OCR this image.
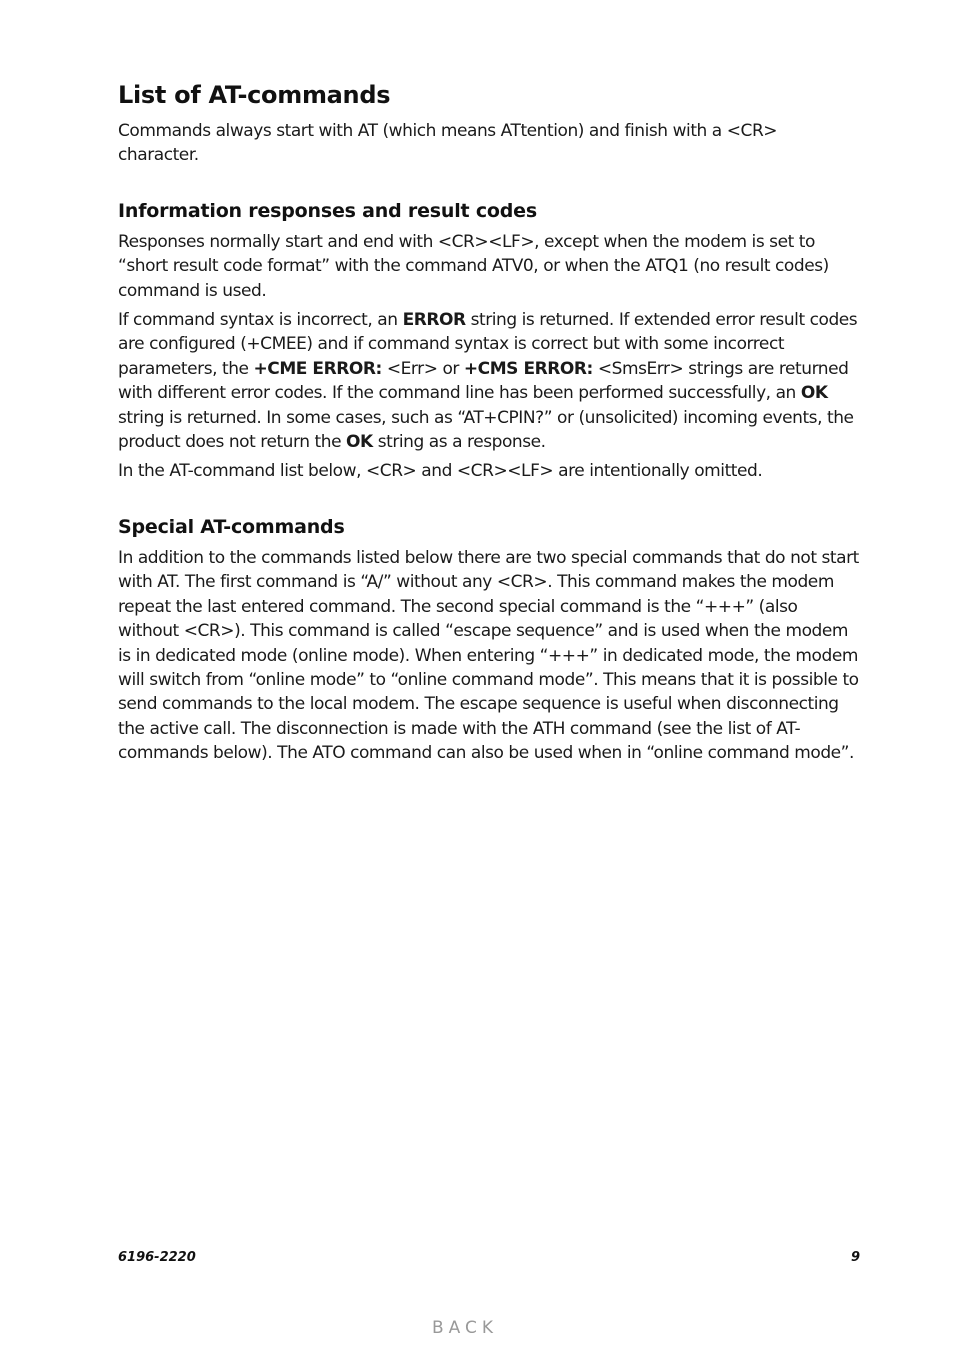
List of AT-commands

Commands always start with AT (which means ATtention) and finish with a <CR> character.

Information responses and result codes

Responses normally start and end with <CR><LF>, except when the modem is set to “short result code format” with the command ATV0, or when the ATQ1 (no result codes) command is used.

If command syntax is incorrect, an ERROR string is returned. If extended error result codes are configured (+CMEE) and if command syntax is correct but with some incorrect parameters, the +CME ERROR: <Err> or +CMS ERROR: <SmsErr> strings are returned with different error codes. If the command line has been performed successfully, an OK string is returned. In some cases, such as “AT+CPIN?” or (unsolicited) incoming events, the product does not return the OK string as a response.

In the AT-command list below, <CR> and <CR><LF> are intentionally omitted.

Special AT-commands

In addition to the commands listed below there are two special commands that do not start with AT. The first command is “A/” without any <CR>. This command makes the modem repeat the last entered command. The second special command is the “+++” (also without <CR>). This command is called “escape sequence” and is used when the modem is in dedicated mode (online mode). When entering “+++” in dedicated mode, the modem will switch from “online mode” to “online command mode”. This means that it is possible to send commands to the local modem. The escape sequence is useful when disconnecting the active call. The disconnection is made with the ATH command (see the list of AT-commands below). The ATO command can also be used when in “online command mode”.

6196-2220	9
BACK
